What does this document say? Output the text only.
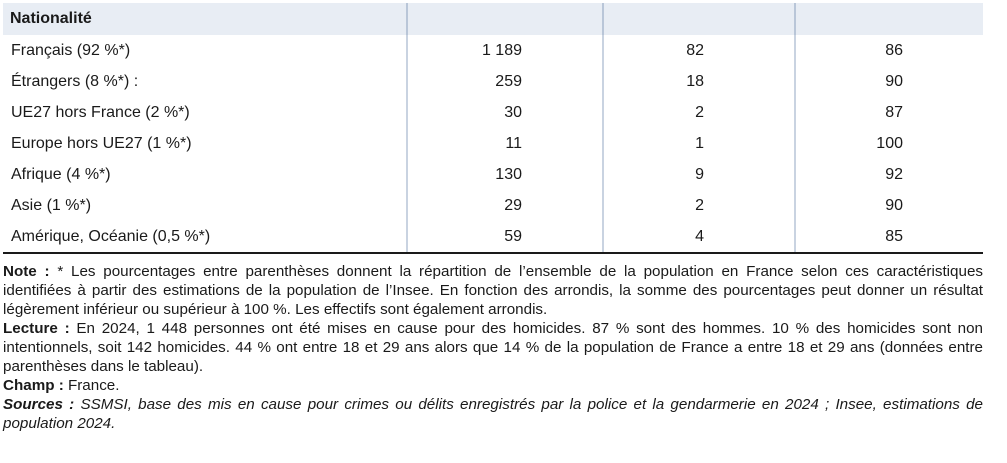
Nationalité			
Français (92 %*)	1 189	82	86
Étrangers (8 %*) :	259	18	90
UE27 hors France (2 %*)	30	2	87
Europe hors UE27 (1 %*)	11	1	100
Afrique (4 %*)	130	9	92
Asie (1 %*)	29	2	90
Amérique, Océanie (0,5 %*)	59	4	85

Note : * Les pourcentages entre parenthèses donnent la répartition de l’ensemble de la population en France selon ces caractéristiques identifiées à partir des estimations de la population de l’Insee. En fonction des arrondis, la somme des pourcentages peut donner un résultat légèrement inférieur ou supérieur à 100 %. Les effectifs sont également arrondis.

Lecture : En 2024, 1 448 personnes ont été mises en cause pour des homicides. 87 % sont des hommes. 10 % des homicides sont non intentionnels, soit 142 homicides. 44 % ont entre 18 et 29 ans alors que 14 % de la population de France a entre 18 et 29 ans (données entre parenthèses dans le tableau).

Champ : France.

Sources : SSMSI, base des mis en cause pour crimes ou délits enregistrés par la police et la gendarmerie en 2024 ; Insee, estimations de population 2024.
